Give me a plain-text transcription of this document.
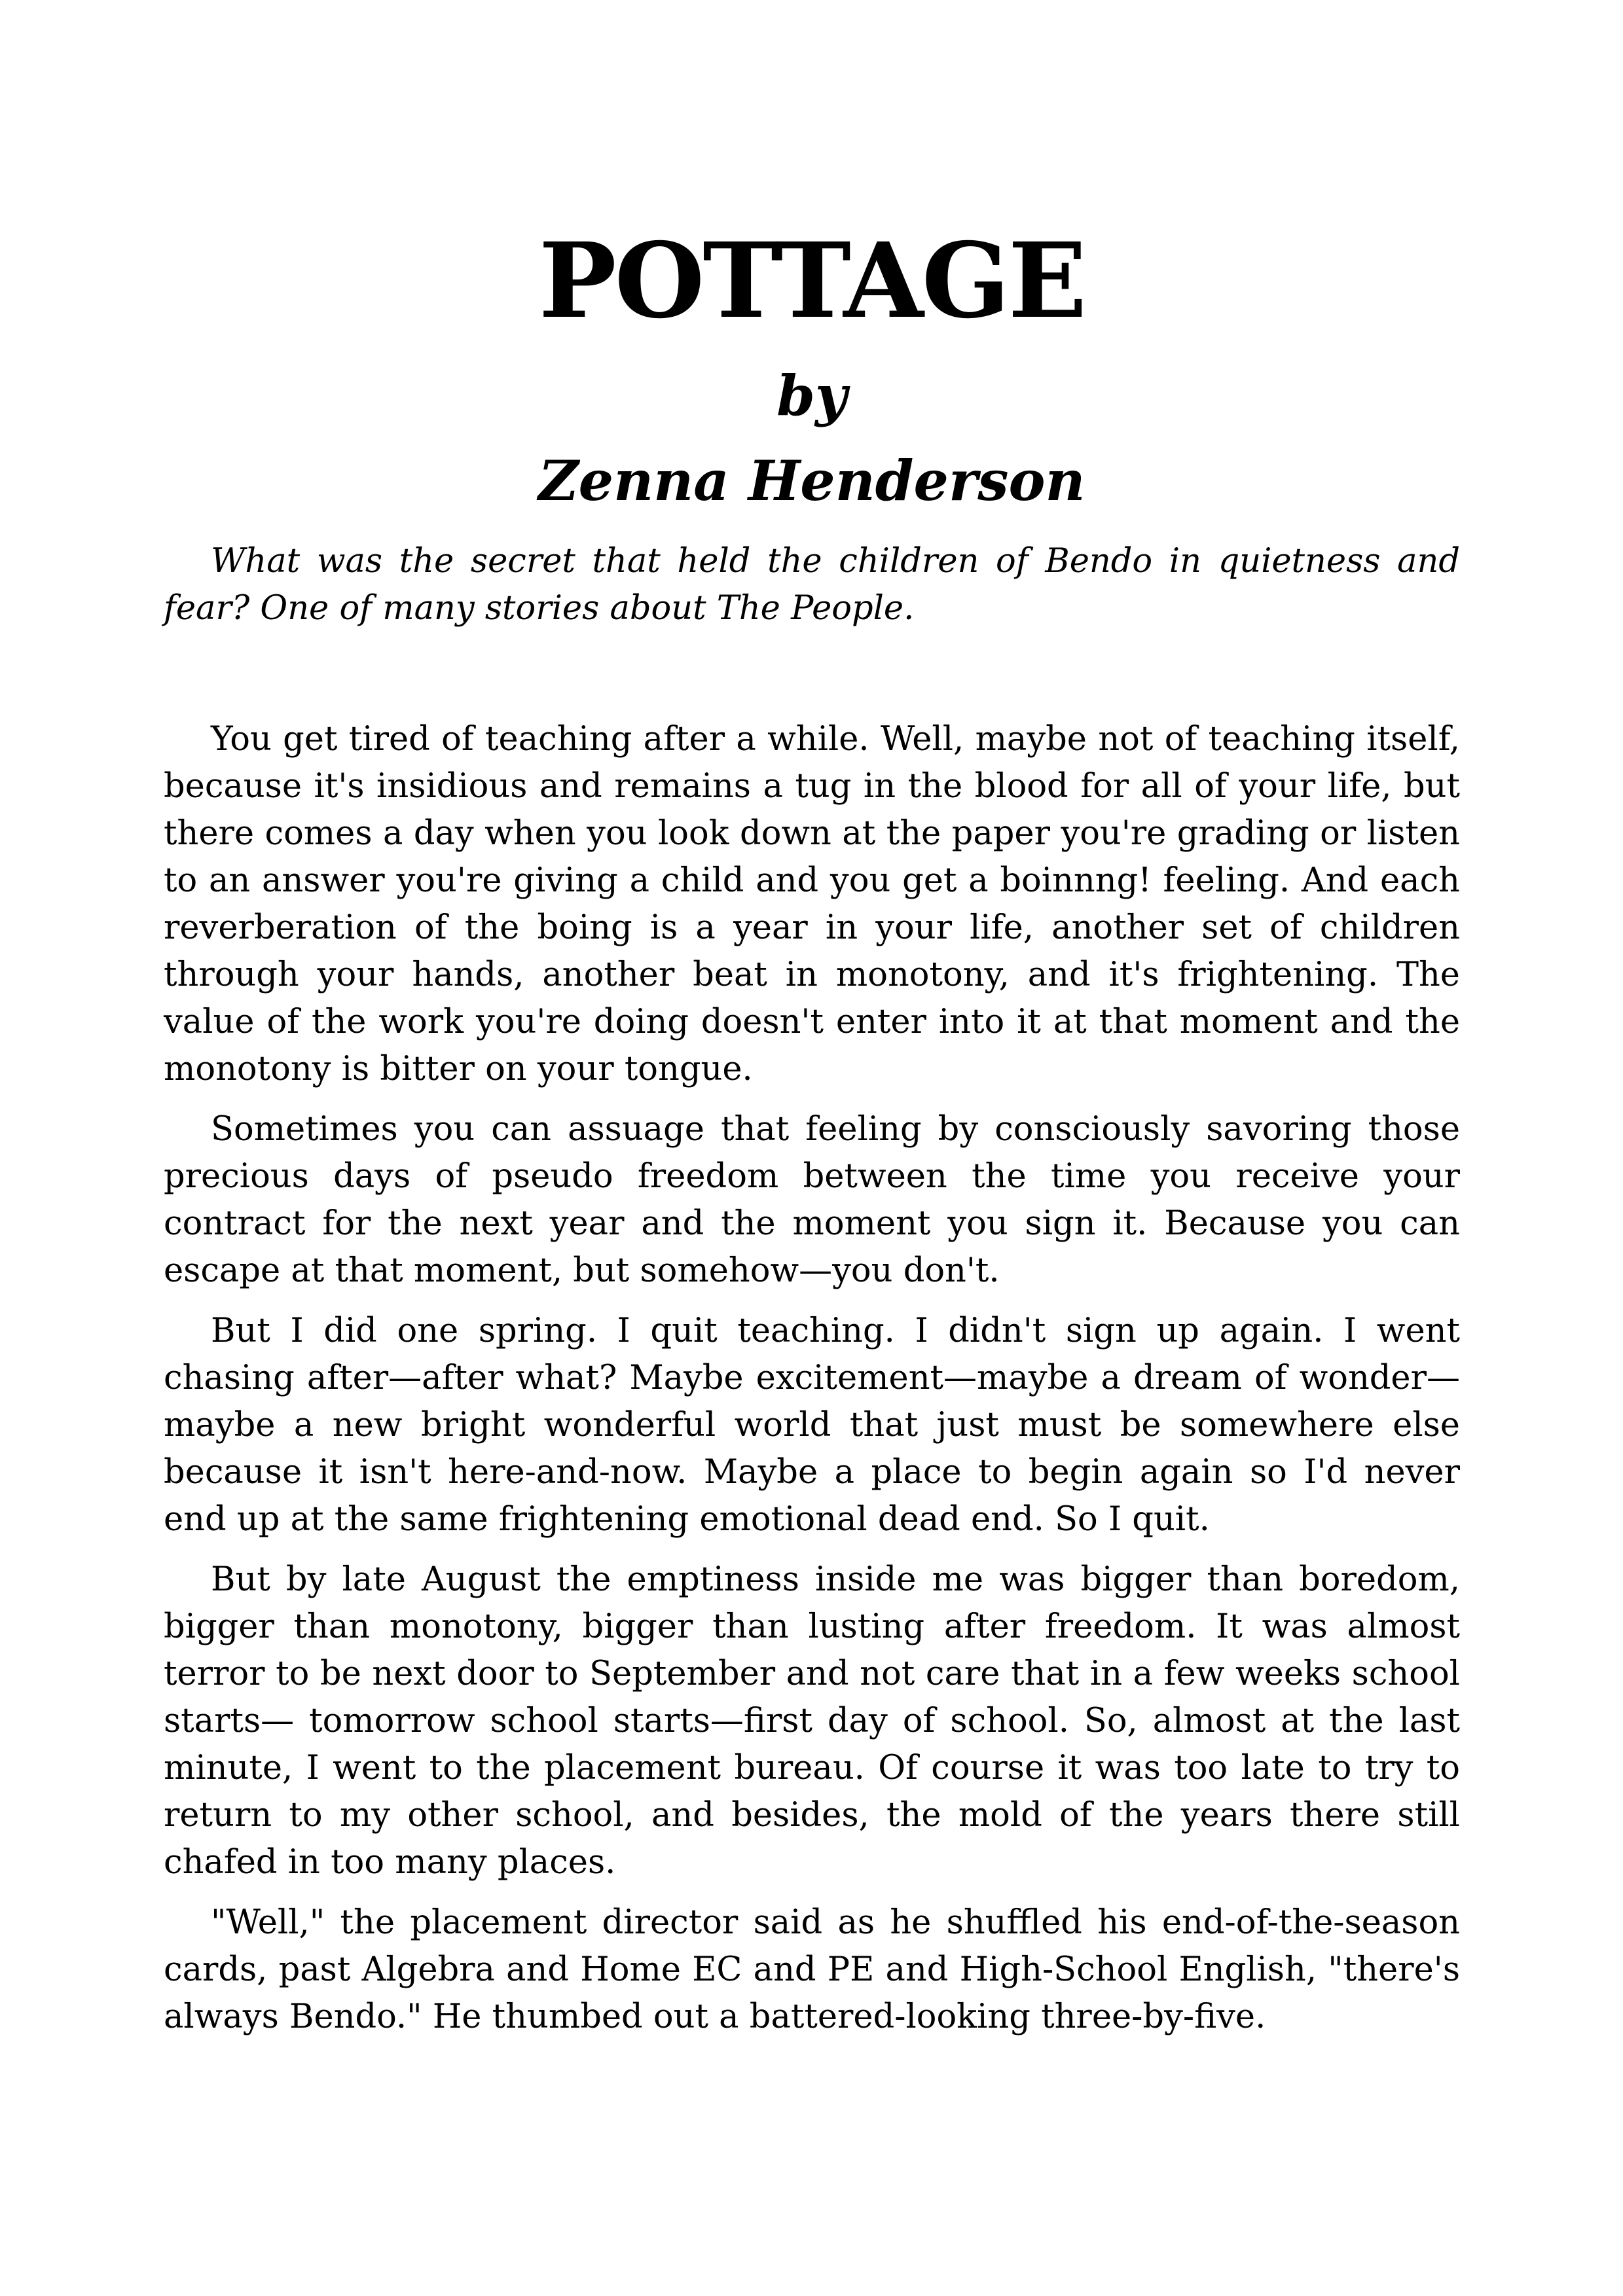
POTTAGE
by
Zenna Henderson

What was the secret that held the children of Bendo in quietness and fear? One of many stories about The People.

You get tired of teaching after a while. Well, maybe not of teaching itself, because it's insidious and remains a tug in the blood for all of your life, but there comes a day when you look down at the paper you're grading or listen to an answer you're giving a child and you get a boinnng! feeling. And each reverberation of the boing is a year in your life, another set of children through your hands, another beat in monotony, and it's frightening. The value of the work you're doing doesn't enter into it at that moment and the monotony is bitter on your tongue.

Sometimes you can assuage that feeling by consciously savoring those precious days of pseudo freedom between the time you receive your contract for the next year and the moment you sign it. Because you can escape at that moment, but somehow—you don't.

But I did one spring. I quit teaching. I didn't sign up again. I went chasing after—after what? Maybe excitement—maybe a dream of wonder—maybe a new bright wonderful world that just must be somewhere else because it isn't here-and-now. Maybe a place to begin again so I'd never end up at the same frightening emotional dead end. So I quit.

But by late August the emptiness inside me was bigger than boredom, bigger than monotony, bigger than lusting after freedom. It was almost terror to be next door to September and not care that in a few weeks school starts— tomorrow school starts—first day of school. So, almost at the last minute, I went to the placement bureau. Of course it was too late to try to return to my other school, and besides, the mold of the years there still chafed in too many places.

"Well," the placement director said as he shuffled his end-of-the-season cards, past Algebra and Home EC and PE and High-School English, "there's always Bendo." He thumbed out a battered-looking three-by-five.
